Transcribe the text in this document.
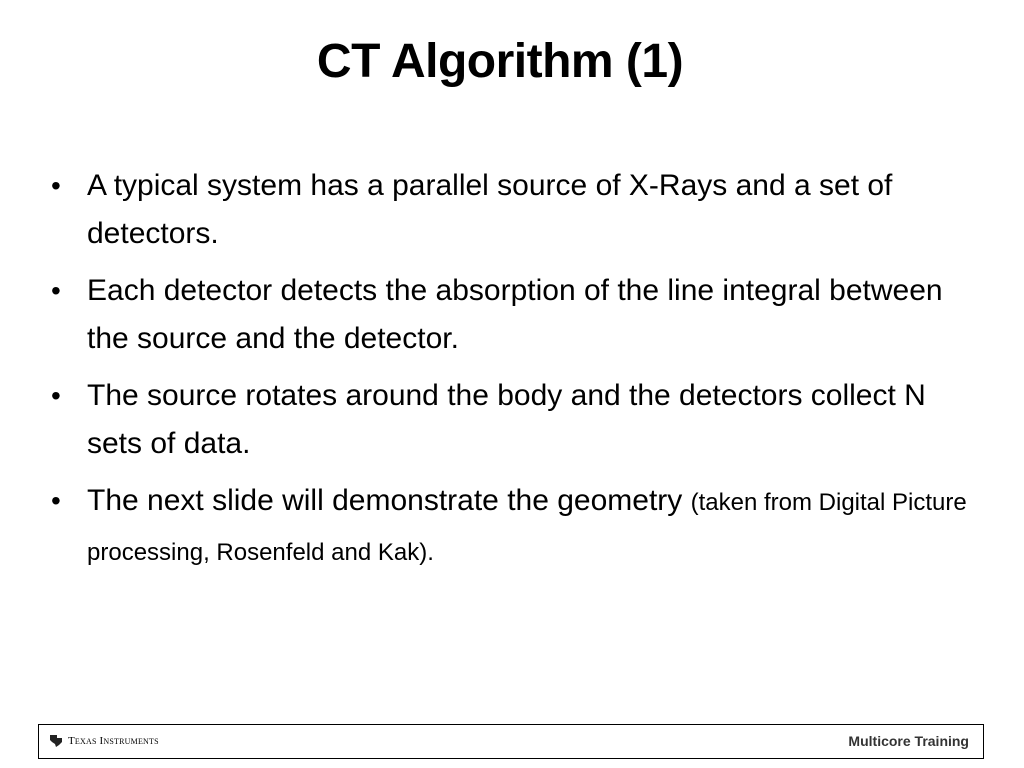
CT Algorithm (1)
• A typical system has a parallel source of X-Rays and a set of detectors.
• Each detector detects the absorption of the line integral between the source and the detector.
• The source rotates around the body and the detectors collect N sets of data.
• The next slide will demonstrate the geometry (taken from Digital Picture processing, Rosenfeld and Kak).
Texas Instruments	Multicore Training
